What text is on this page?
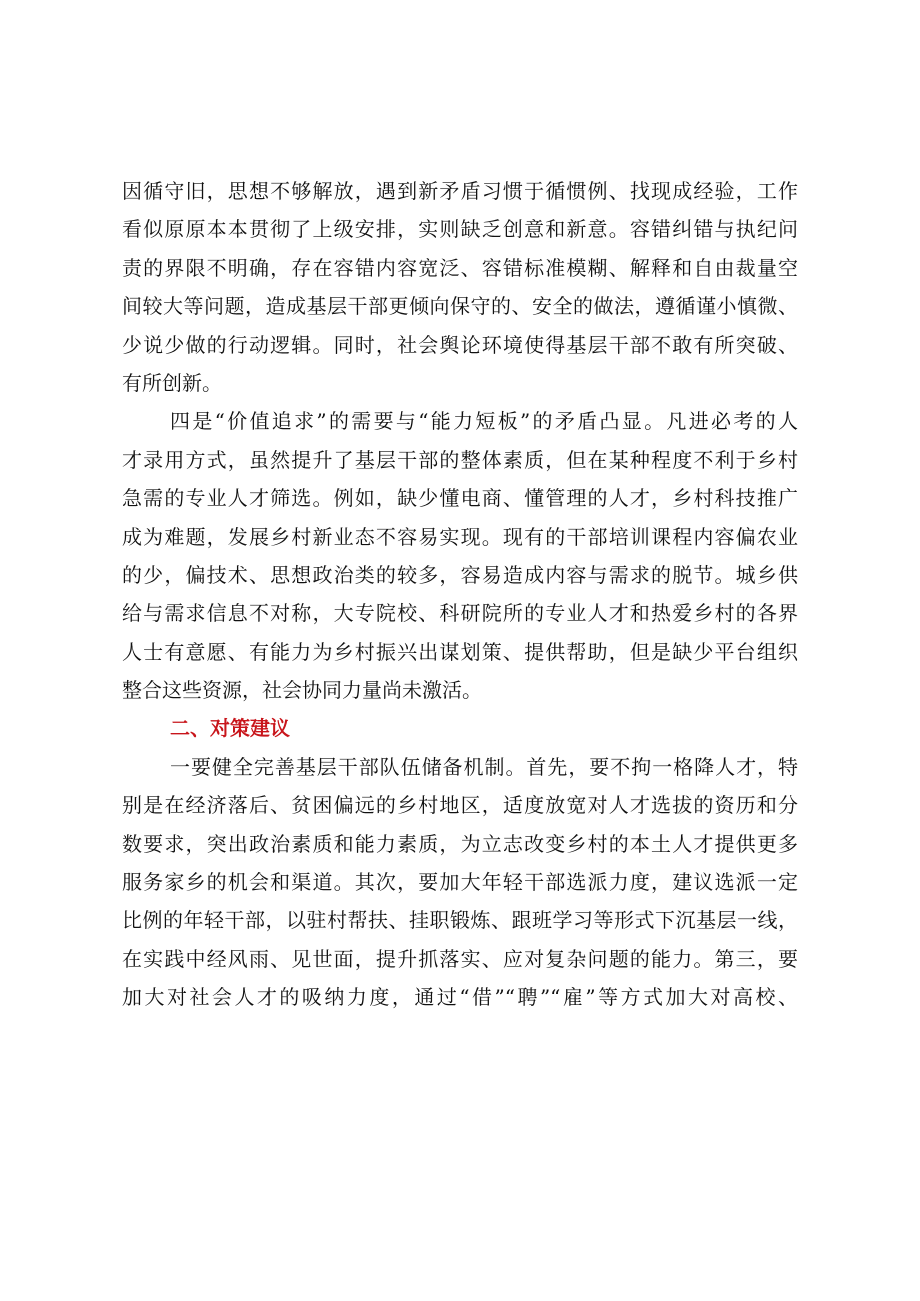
因循守旧，思想不够解放，遇到新矛盾习惯于循惯例、找现成经验，工作
看似原原本本贯彻了上级安排，实则缺乏创意和新意。容错纠错与执纪问
责的界限不明确，存在容错内容宽泛、容错标准模糊、解释和自由裁量空
间较大等问题，造成基层干部更倾向保守的、安全的做法，遵循谨小慎微、
少说少做的行动逻辑。同时，社会舆论环境使得基层干部不敢有所突破、
有所创新。
四是“价值追求”的需要与“能力短板”的矛盾凸显。凡进必考的人
才录用方式，虽然提升了基层干部的整体素质，但在某种程度不利于乡村
急需的专业人才筛选。例如，缺少懂电商、懂管理的人才，乡村科技推广
成为难题，发展乡村新业态不容易实现。现有的干部培训课程内容偏农业
的少，偏技术、思想政治类的较多，容易造成内容与需求的脱节。城乡供
给与需求信息不对称，大专院校、科研院所的专业人才和热爱乡村的各界
人士有意愿、有能力为乡村振兴出谋划策、提供帮助，但是缺少平台组织
整合这些资源，社会协同力量尚未激活。
二、对策建议
一要健全完善基层干部队伍储备机制。首先，要不拘一格降人才，特
别是在经济落后、贫困偏远的乡村地区，适度放宽对人才选拔的资历和分
数要求，突出政治素质和能力素质，为立志改变乡村的本土人才提供更多
服务家乡的机会和渠道。其次，要加大年轻干部选派力度，建议选派一定
比例的年轻干部，以驻村帮扶、挂职锻炼、跟班学习等形式下沉基层一线，
在实践中经风雨、见世面，提升抓落实、应对复杂问题的能力。第三，要
加大对社会人才的吸纳力度，通过“借”“聘”“雇”等方式加大对高校、
